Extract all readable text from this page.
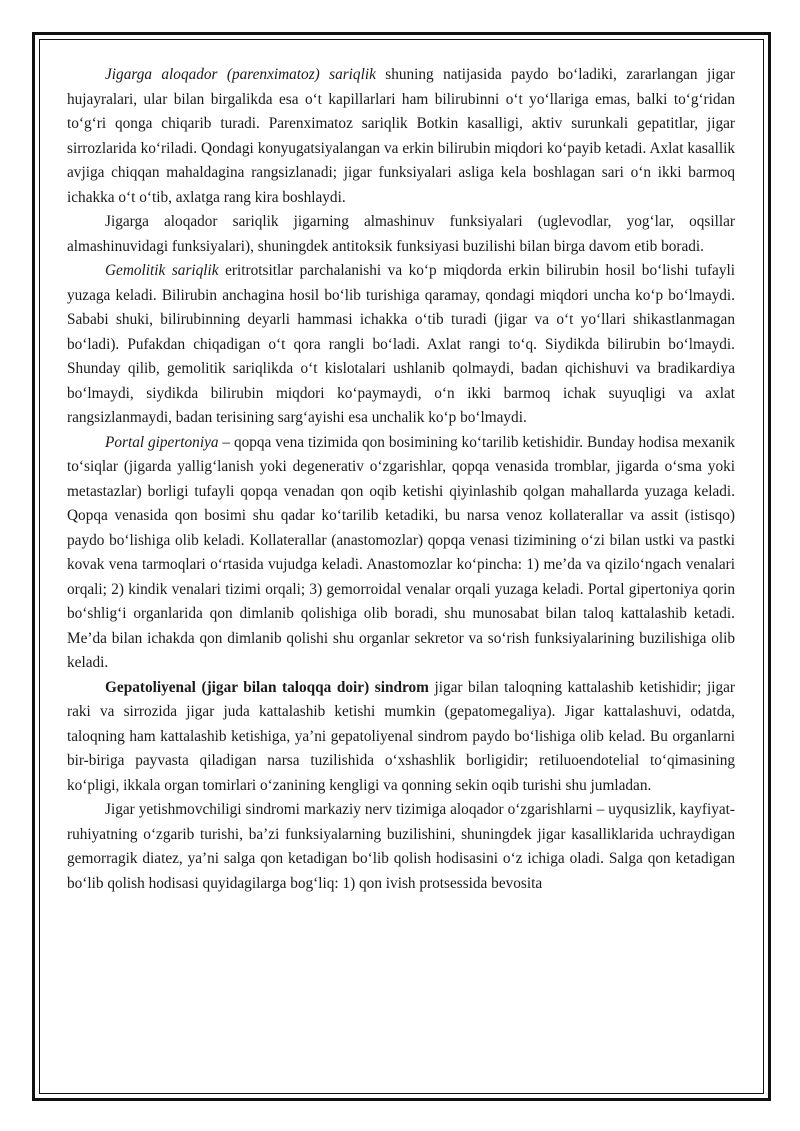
Jigarga aloqador (parenximatoz) sariqlik shuning natijasida paydo bo‘ladiki, zararlangan jigar hujayralari, ular bilan birgalikda esa o‘t kapillarlari ham bilirubinni o‘t yo‘llariga emas, balki to‘g‘ridan to‘g‘ri qonga chiqarib turadi. Parenximatoz sariqlik Botkin kasalligi, aktiv surunkali gepatitlar, jigar sirrozlarida ko‘riladi. Qondagi konyugatsiyalangan va erkin bilirubin miqdori ko‘payib ketadi. Axlat kasallik avjiga chiqqan mahaldagina rangsizlanadi; jigar funksiyalari asliga kela boshlagan sari o‘n ikki barmoq ichakka o‘t o‘tib, axlatga rang kira boshlaydi.

Jigarga aloqador sariqlik jigarning almashinuv funksiyalari (uglevodlar, yog‘lar, oqsillar almashinuvidagi funksiyalari), shuningdek antitoksik funksiyasi buzilishi bilan birga davom etib boradi.

Gemolitik sariqlik eritrotsitlar parchalanishi va ko‘p miqdorda erkin bilirubin hosil bo‘lishi tufayli yuzaga keladi. Bilirubin anchagina hosil bo‘lib turishiga qaramay, qondagi miqdori uncha ko‘p bo‘lmaydi. Sababi shuki, bilirubinning deyarli hammasi ichakka o‘tib turadi (jigar va o‘t yo‘llari shikastlanmagan bo‘ladi). Pufakdan chiqadigan o‘t qora rangli bo‘ladi. Axlat rangi to‘q. Siydikda bilirubin bo‘lmaydi. Shunday qilib, gemolitik sariqlikda o‘t kislotalari ushlanib qolmaydi, badan qichishuvi va bradikardiya bo‘lmaydi, siydikda bilirubin miqdori ko‘paymaydi, o‘n ikki barmoq ichak suyuqligi va axlat rangsizlanmaydi, badan terisining sarg‘ayishi esa unchalik ko‘p bo‘lmaydi.

Portal gipertoniya – qopqa vena tizimida qon bosimining ko‘tarilib ketishidir. Bunday hodisa mexanik to‘siqlar (jigarda yallig‘lanish yoki degenerativ o‘zgarishlar, qopqa venasida tromblar, jigarda o‘sma yoki metastazlar) borligi tufayli qopqa venadan qon oqib ketishi qiyinlashib qolgan mahallarda yuzaga keladi. Qopqa venasida qon bosimi shu qadar ko‘tarilib ketadiki, bu narsa venoz kollaterallar va assit (istisqo) paydo bo‘lishiga olib keladi. Kollaterallar (anastomozlar) qopqa venasi tizimining o‘zi bilan ustki va pastki kovak vena tarmoqlari o‘rtasida vujudga keladi. Anastomozlar ko‘pincha: 1) me’da va qizilo‘ngach venalari orqali; 2) kindik venalari tizimi orqali; 3) gemorroidal venalar orqali yuzaga keladi. Portal gipertoniya qorin bo‘shlig‘i organlarida qon dimlanib qolishiga olib boradi, shu munosabat bilan taloq kattalashib ketadi. Me’da bilan ichakda qon dimlanib qolishi shu organlar sekretor va so‘rish funksiyalarining buzilishiga olib keladi.

Gepatoliyenal (jigar bilan taloqqa doir) sindrom jigar bilan taloqning kattalashib ketishidir; jigar raki va sirrozida jigar juda kattalashib ketishi mumkin (gepatomegaliya). Jigar kattalashuvi, odatda, taloqning ham kattalashib ketishiga, ya’ni gepatoliyenal sindrom paydo bo‘lishiga olib kelad. Bu organlarni bir-biriga payvasta qiladigan narsa tuzilishida o‘xshashlik borligidir; retiluoendotelial to‘qimasining ko‘pligi, ikkala organ tomirlari o‘zanining kengligi va qonning sekin oqib turishi shu jumladan.

Jigar yetishmovchiligi sindromi markaziy nerv tizimiga aloqador o‘zgarishlarni – uyqusizlik, kayfiyat-ruhiyatning o‘zgarib turishi, ba’zi funksiyalarning buzilishini, shuningdek jigar kasalliklarida uchraydigan gemorragik diatez, ya’ni salga qon ketadigan bo‘lib qolish hodisasini o‘z ichiga oladi. Salga qon ketadigan bo‘lib qolish hodisasi quyidagilarga bog‘liq: 1) qon ivish protsessida bevosita
